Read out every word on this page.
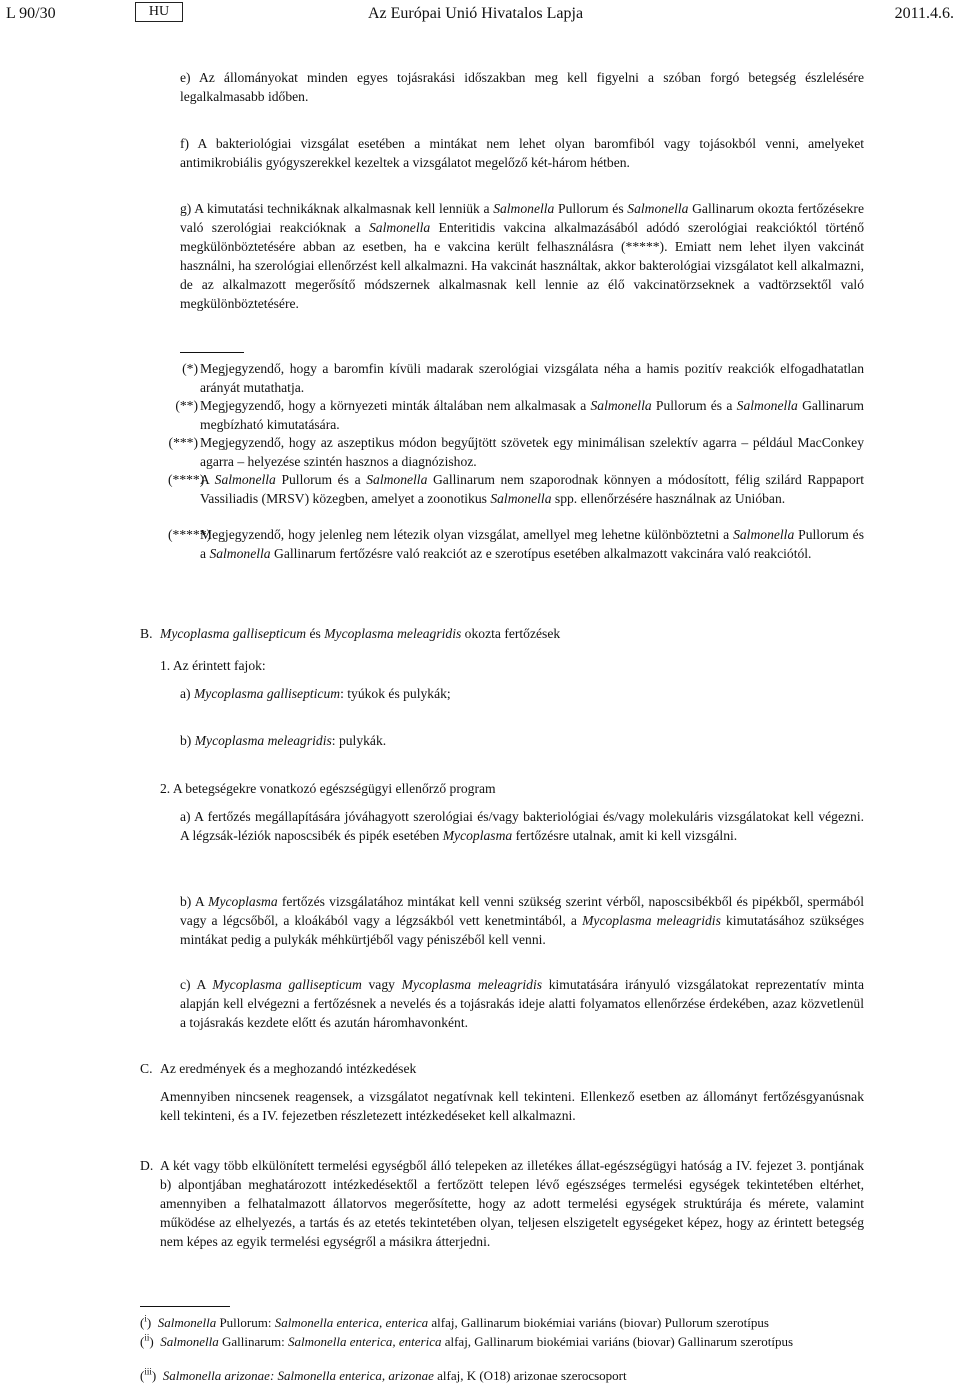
L 90/30	HU	Az Európai Unió Hivatalos Lapja	2011.4.6.
e) Az állományokat minden egyes tojásrakási időszakban meg kell figyelni a szóban forgó betegség észlelésére legalkalmasabb időben.
f) A bakteriológiai vizsgálat esetében a mintákat nem lehet olyan baromfiból vagy tojásokból venni, amelyeket antimikrobiális gyógyszerekkel kezeltek a vizsgálatot megelőző két-három hétben.
g) A kimutatási technikáknak alkalmasnak kell lenniük a Salmonella Pullorum és Salmonella Gallinarum okozta fertőzésekre való szerológiai reakcióknak a Salmonella Enteritidis vakcina alkalmazásából adódó szerológiai reakcióktól történő megkülönböztetésére abban az esetben, ha e vakcina került felhasználásra (*****). Emiatt nem lehet ilyen vakcinát használni, ha szerológiai ellenőrzést kell alkalmazni. Ha vakcinát használtak, akkor bakterológiai vizsgálatot kell alkalmazni, de az alkalmazott megerősítő módszernek alkalmasnak kell lennie az élő vakcinatörzseknek a vadtörzsektől való megkülönböztetésére.
(*) Megjegyzendő, hogy a baromfin kívüli madarak szerológiai vizsgálata néha a hamis pozitív reakciók elfogadhatatlan arányát mutathatja.
(**) Megjegyzendő, hogy a környezeti minták általában nem alkalmasak a Salmonella Pullorum és a Salmonella Gallinarum megbízható kimutatására.
(***) Megjegyzendő, hogy az aszeptikus módon begyűjtött szövetek egy minimálisan szelektív agarra – például MacConkey agarra – helyezése szintén hasznos a diagnózishoz.
(****)
A Salmonella Pullorum és a Salmonella Gallinarum nem szaporodnak könnyen a módosított, félig szilárd Rappaport Vassiliadis (MRSV) közegben, amelyet a zoonotikus Salmonella spp. ellenőrzésére használnak az Unióban.
(*****)
Megjegyzendő, hogy jelenleg nem létezik olyan vizsgálat, amellyel meg lehetne különböztetni a Salmonella Pullorum és a Salmonella Gallinarum fertőzésre való reakciót az e szerotípus esetében alkalmazott vakcinára való reakciótól.
B. Mycoplasma gallisepticum és Mycoplasma meleagridis okozta fertőzések
1. Az érintett fajok:
a) Mycoplasma gallisepticum: tyúkok és pulykák;
b) Mycoplasma meleagridis: pulykák.
2. A betegségekre vonatkozó egészségügyi ellenőrző program
a) A fertőzés megállapítására jóváhagyott szerológiai és/vagy bakteriológiai és/vagy molekuláris vizsgálatokat kell végezni. A légzsák-léziók naposcsibék és pipék esetében Mycoplasma fertőzésre utalnak, amit ki kell vizsgálni.
b) A Mycoplasma fertőzés vizsgálatához mintákat kell venni szükség szerint vérből, naposcsibékből és pipékből, spermából vagy a légcsőből, a kloákából vagy a légzsákból vett kenetmintából, a Mycoplasma meleagridis kimutatásához szükséges mintákat pedig a pulykák méhkürtjéből vagy péniszéből kell venni.
c) A Mycoplasma gallisepticum vagy Mycoplasma meleagridis kimutatására irányuló vizsgálatokat reprezentatív minta alapján kell elvégezni a fertőzésnek a nevelés és a tojásrakás ideje alatti folyamatos ellenőrzése érdekében, azaz közvetlenül a tojásrakás kezdete előtt és azután háromhavonként.
C. Az eredmények és a meghozandó intézkedések
Amennyiben nincsenek reagensek, a vizsgálatot negatívnak kell tekinteni. Ellenkező esetben az állományt fertőzésgyanúsnak kell tekinteni, és a IV. fejezetben részletezett intézkedéseket kell alkalmazni.
D. A két vagy több elkülönített termelési egységből álló telepeken az illetékes állat-egészségügyi hatóság a IV. fejezet 3. pontjának b) alpontjában meghatározott intézkedésektől a fertőzött telepen lévő egészséges termelési egységek tekintetében eltérhet, amennyiben a felhatalmazott állatorvos megerősítette, hogy az adott termelési egységek struktúrája és mérete, valamint működése az elhelyezés, a tartás és az etetés tekintetében olyan, teljesen elszigetelt egységeket képez, hogy az érintett betegség nem képes az egyik termelési egységről a másikra átterjedni.
($^i$) Salmonella Pullorum: Salmonella enterica, enterica alfaj, Gallinarum biokémiai variáns (biovar) Pullorum szerotípus
($^{ii}$) Salmonella Gallinarum: Salmonella enterica, enterica alfaj, Gallinarum biokémiai variáns (biovar) Gallinarum szerotípus
($^{iii}$) Salmonella arizonae: Salmonella enterica, arizonae alfaj, K (O18) arizonae szerocsoport
